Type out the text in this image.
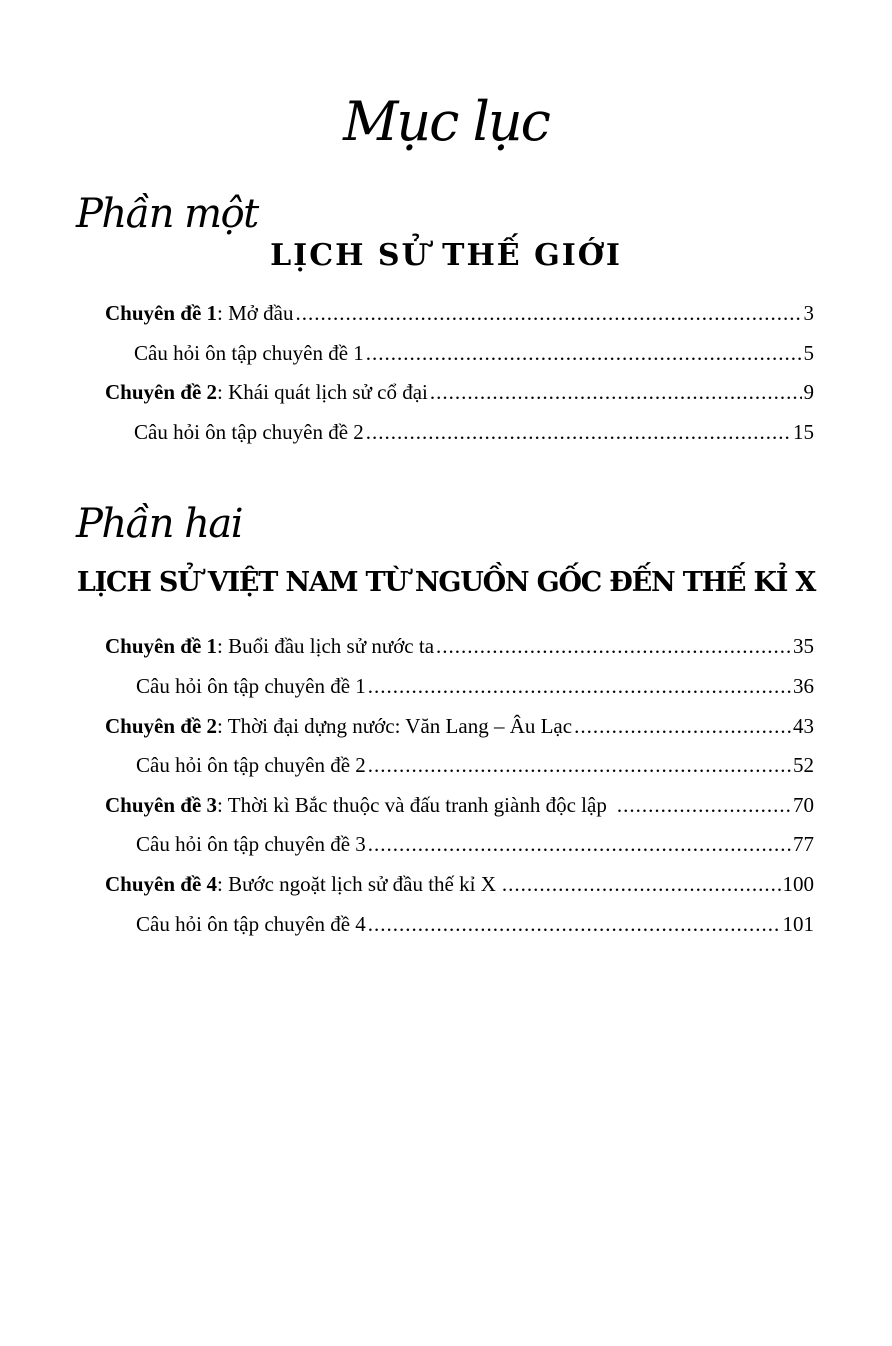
Mục lục
Phần một
LỊCH SỬ THẾ GIỚI
Chuyên đề 1 : Mở đầu .....	3
Câu hỏi ôn tập chuyên đề 1 .....	5
Chuyên đề 2 : Khái quát lịch sử cổ đại .....	9
Câu hỏi ôn tập chuyên đề 2 .....	15
Phần hai
LỊCH SỬ VIỆT NAM TỪ NGUỒN GỐC ĐẾN THẾ KỈ X
Chuyên đề 1 : Buổi đầu lịch sử nước ta .....	35
Câu hỏi ôn tập chuyên đề 1 .....	36
Chuyên đề 2 : Thời đại dựng nước: Văn Lang – Âu Lạc .....	43
Câu hỏi ôn tập chuyên đề 2 .....	52
Chuyên đề 3 : Thời kì Bắc thuộc và đấu tranh giành độc lập .....	70
Câu hỏi ôn tập chuyên đề 3 .....	77
Chuyên đề 4 : Bước ngoặt lịch sử đầu thế kỉ X .....	100
Câu hỏi ôn tập chuyên đề 4 .....	101
